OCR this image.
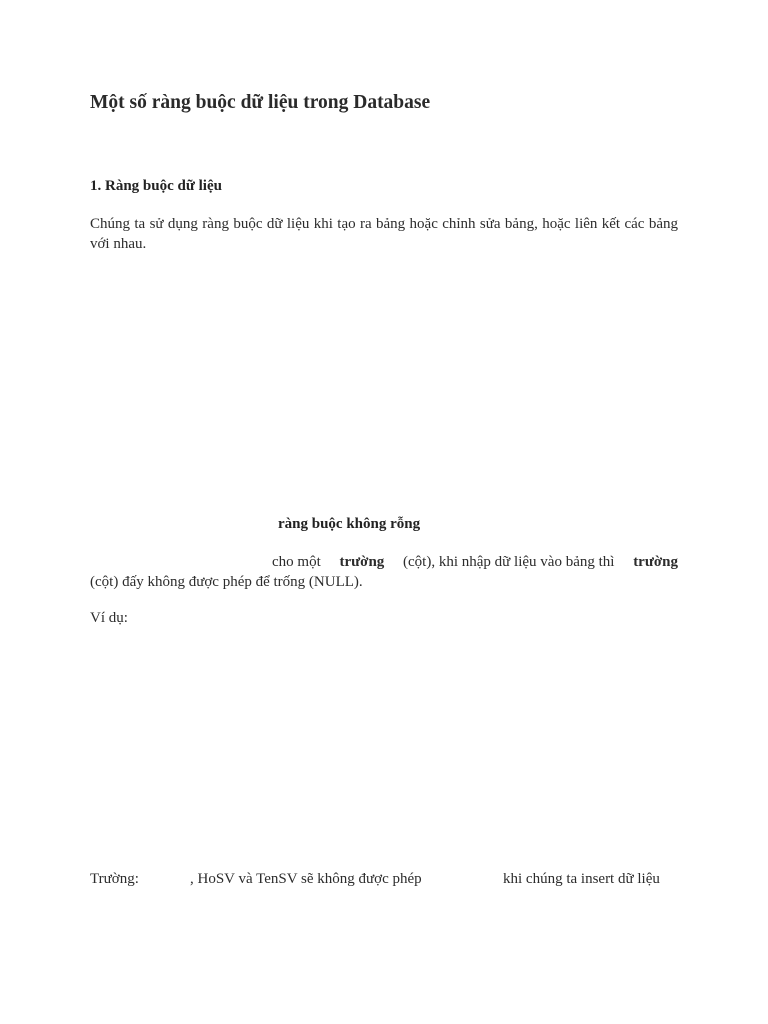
Một số ràng buộc dữ liệu trong Database
1. Ràng buộc dữ liệu
Chúng ta sử dụng ràng buộc dữ liệu khi tạo ra bảng hoặc chỉnh sửa bảng, hoặc liên kết các bảng với nhau.
ràng buộc không rỗng
cho một trường (cột), khi nhập dữ liệu vào bảng thì trường
(cột) đấy không được phép để trống (NULL).
Ví dụ:
Trường:	, HoSV và TenSV sẽ không được phép	khi chúng ta insert dữ liệu
